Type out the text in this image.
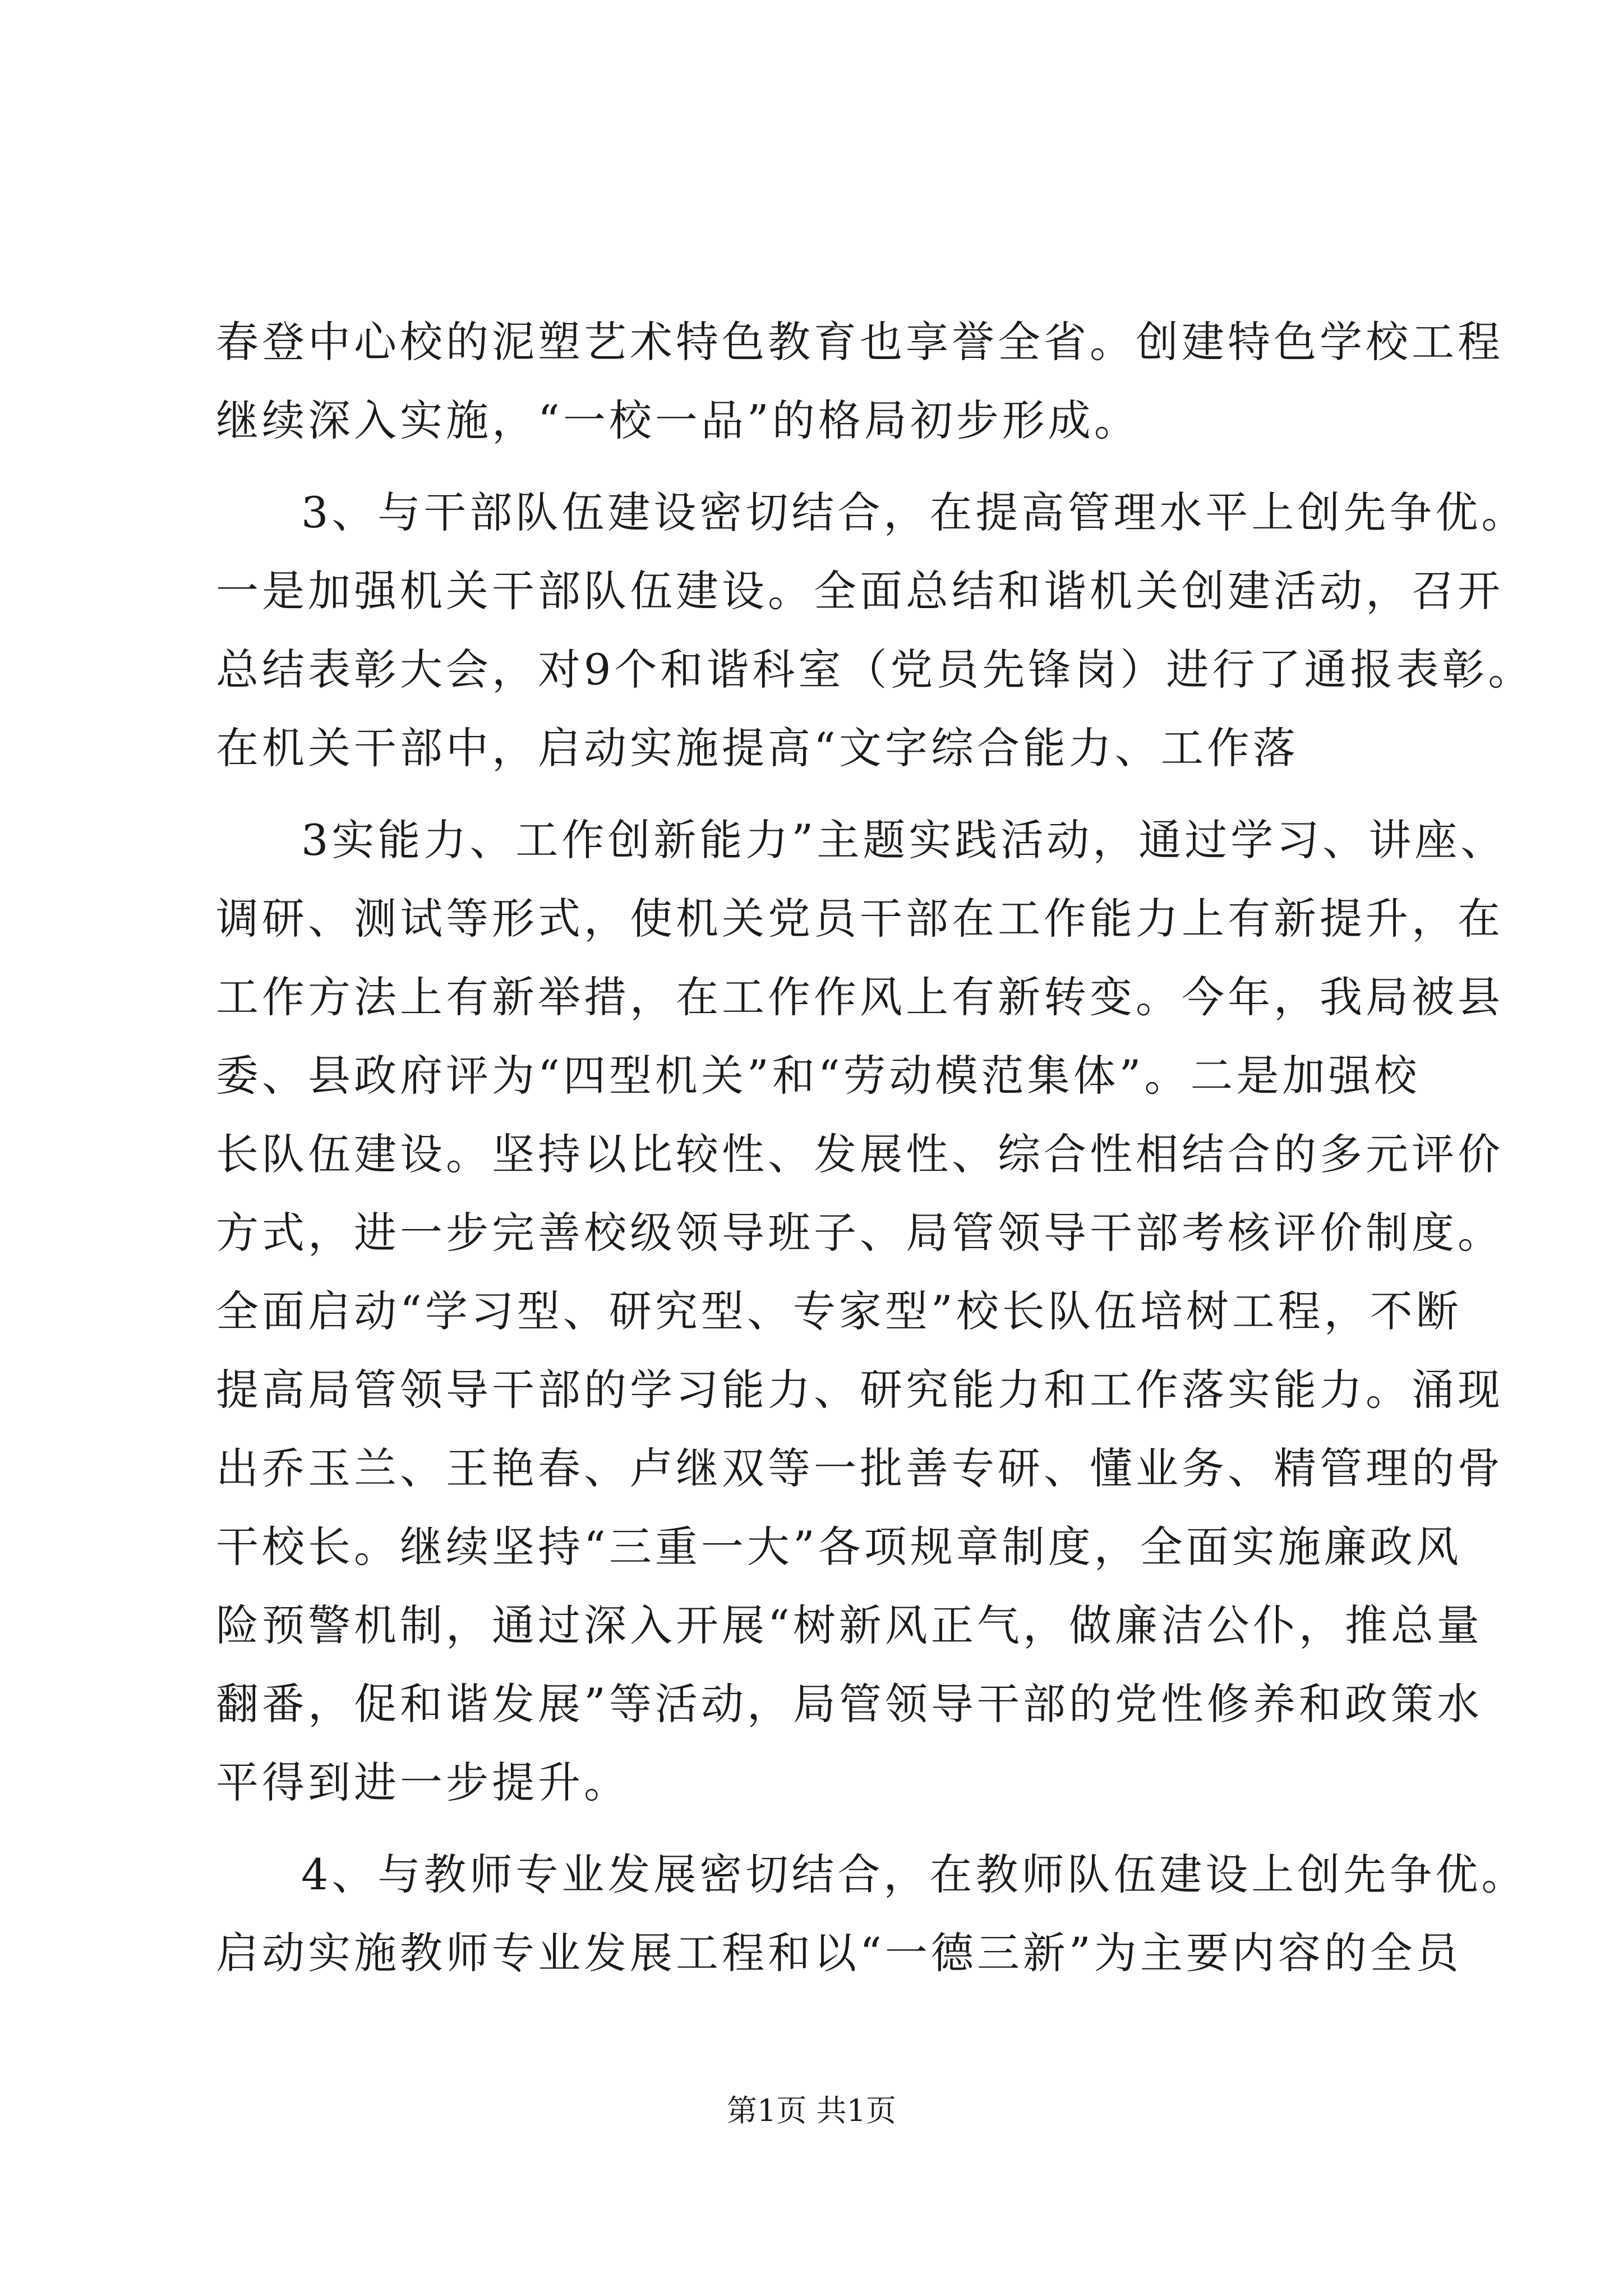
春登中心校的泥塑艺术特色教育也享誉全省。创建特色学校工程
继续深入实施，“一校一品”的格局初步形成。
3、与干部队伍建设密切结合，在提高管理水平上创先争优。
一是加强机关干部队伍建设。全面总结和谐机关创建活动，召开
总结表彰大会，对9个和谐科室（党员先锋岗）进行了通报表彰。
在机关干部中，启动实施提高“文字综合能力、工作落
3实能力、工作创新能力”主题实践活动，通过学习、讲座、
调研、测试等形式，使机关党员干部在工作能力上有新提升，在
工作方法上有新举措，在工作作风上有新转变。今年，我局被县
委、县政府评为“四型机关”和“劳动模范集体”。二是加强校
长队伍建设。坚持以比较性、发展性、综合性相结合的多元评价
方式，进一步完善校级领导班子、局管领导干部考核评价制度。
全面启动“学习型、研究型、专家型”校长队伍培树工程，不断
提高局管领导干部的学习能力、研究能力和工作落实能力。涌现
出乔玉兰、王艳春、卢继双等一批善专研、懂业务、精管理的骨
干校长。继续坚持“三重一大”各项规章制度，全面实施廉政风
险预警机制，通过深入开展“树新风正气，做廉洁公仆，推总量
翻番，促和谐发展”等活动，局管领导干部的党性修养和政策水
平得到进一步提升。
4、与教师专业发展密切结合，在教师队伍建设上创先争优。
启动实施教师专业发展工程和以“一德三新”为主要内容的全员
第1页 共1页
